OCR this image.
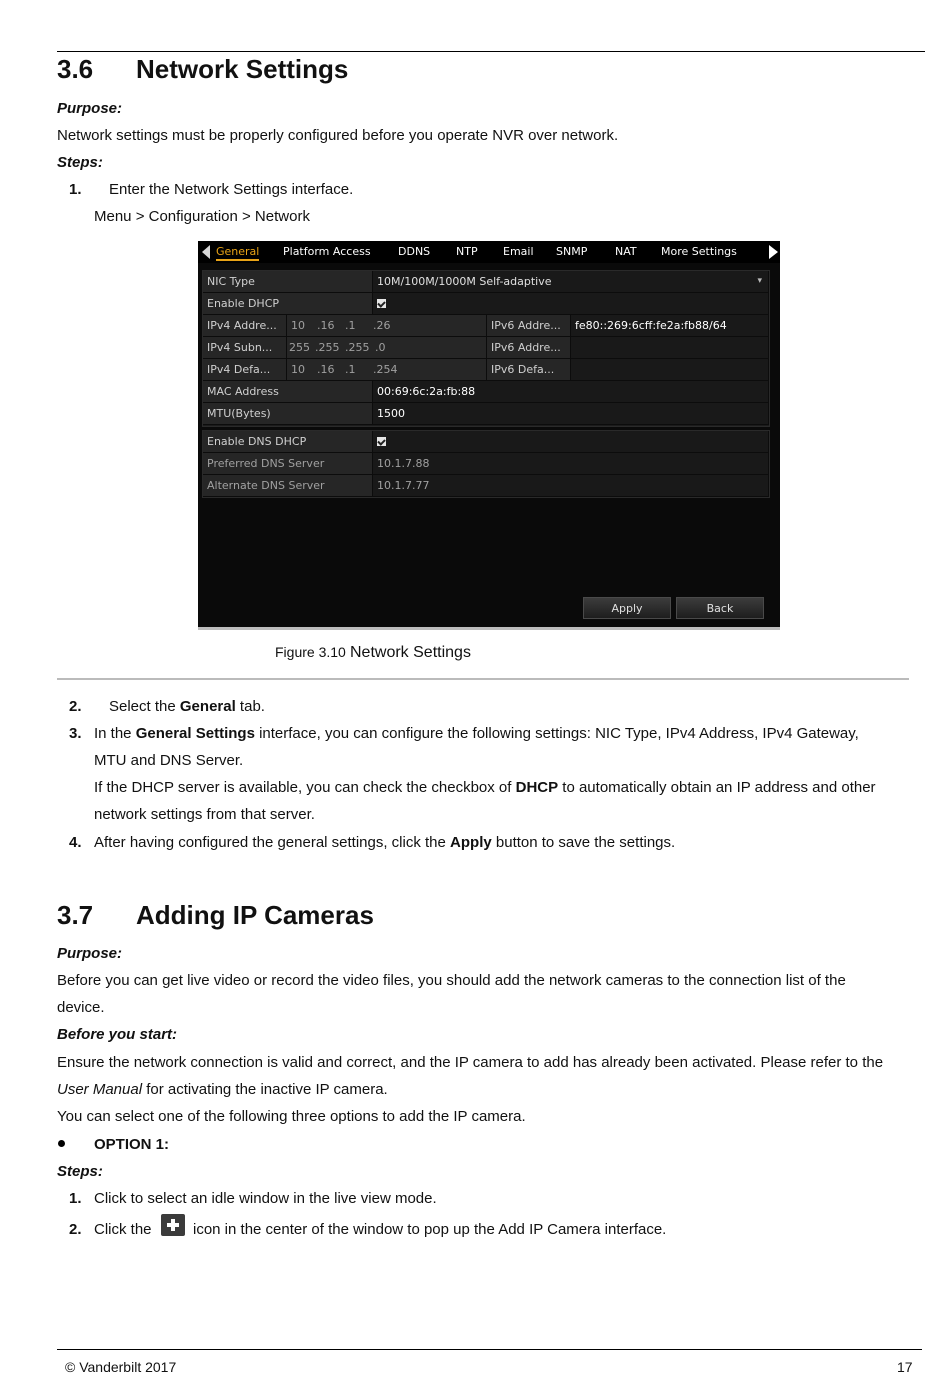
3.6 Network Settings
Purpose:
Network settings must be properly configured before you operate NVR over network.
Steps:
1. Enter the Network Settings interface.
Menu > Configuration > Network
General Platform Access DDNS NTP Email SNMP	NAT More Settings
NIC Type	10M/100M/1000M Self-adaptive	▾
Enable DHCP
IPv4 Addre...	10 .16 .1 .26	IPv6 Addre...	fe80::269:6cff:fe2a:fb88/64
IPv4 Subn...	255 .255 .255 .0	IPv6 Addre...
IPv4 Defa...	10 .16 .1 .254	IPv6 Defa...
MAC Address	00:69:6c:2a:fb:88
MTU(Bytes)	1500
Enable DNS DHCP
Preferred DNS Server	10.1.7.88
Alternate DNS Server	10.1.7.77
Apply	Back
Figure 3.10 Network Settings
2. Select the General tab.
3. In the General Settings interface, you can configure the following settings: NIC Type, IPv4 Address, IPv4 Gateway,
MTU and DNS Server.
If the DHCP server is available, you can check the checkbox of DHCP to automatically obtain an IP address and other
network settings from that server.
4. After having configured the general settings, click the Apply button to save the settings.
3.7 Adding IP Cameras
Purpose:
Before you can get live video or record the video files, you should add the network cameras to the connection list of the
device.
Before you start:
Ensure the network connection is valid and correct, and the IP camera to add has already been activated. Please refer to the
User Manual for activating the inactive IP camera.
You can select one of the following three options to add the IP camera.
OPTION 1:
Steps:
1. Click to select an idle window in the live view mode.
2. Click the	icon in the center of the window to pop up the Add IP Camera interface.
© Vanderbilt 2017	17
